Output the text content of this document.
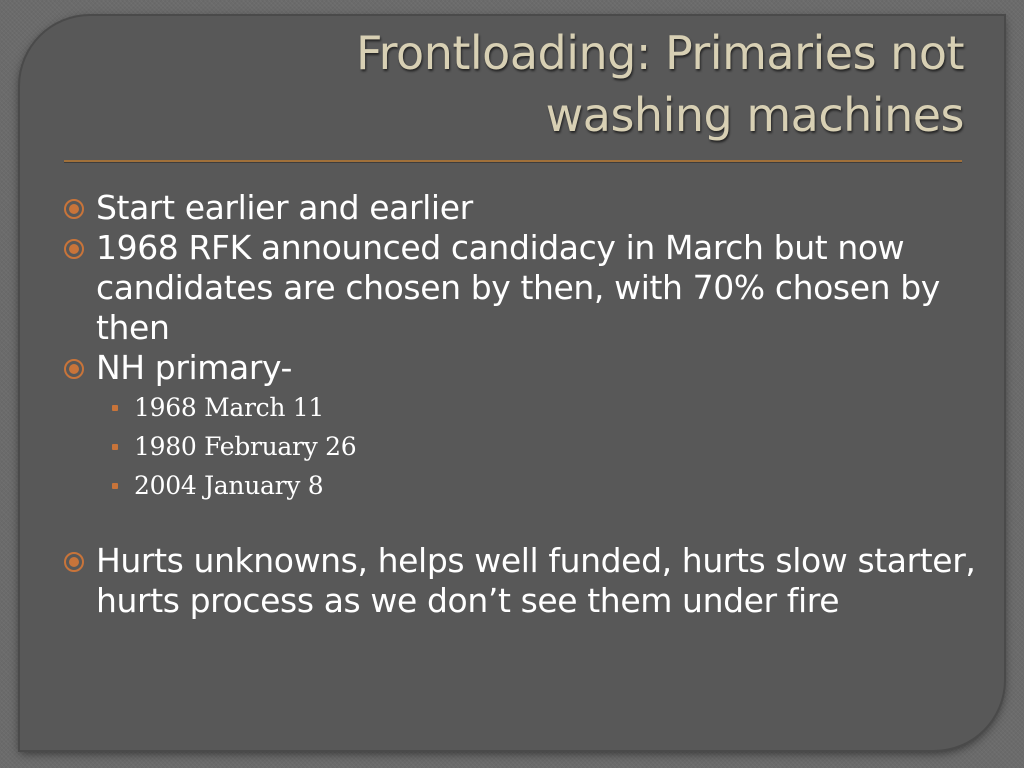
Frontloading: Primaries not
washing machines
Start earlier and earlier
1968 RFK announced candidacy in March but now candidates are chosen by then, with 70% chosen by then
NH primary-
1968 March 11
1980 February 26
2004 January 8
Hurts unknowns, helps well funded, hurts slow starter, hurts process as we don’t see them under fire
